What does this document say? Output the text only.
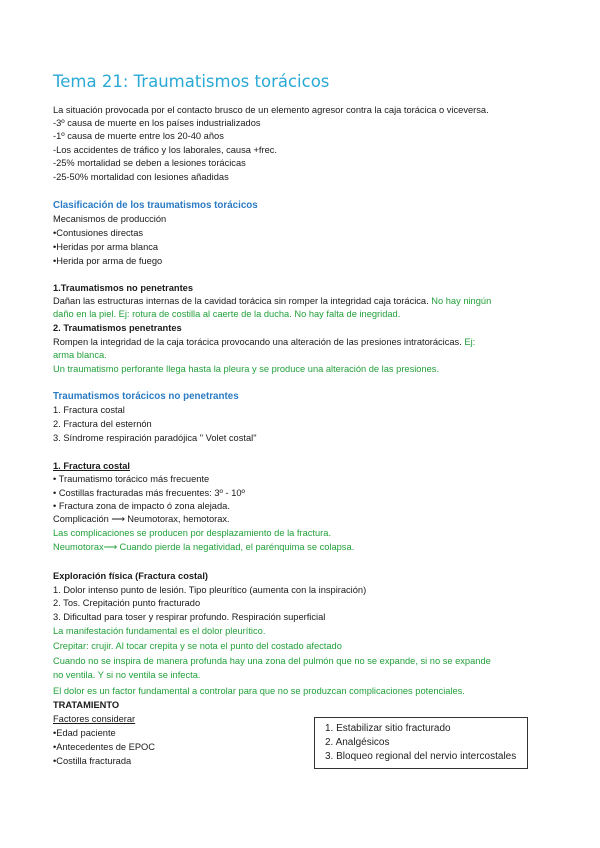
Tema 21: Traumatismos torácicos
La situación provocada por el contacto brusco de un elemento agresor contra la caja torácica o viceversa.
-3º causa de muerte en los países industrializados
-1º causa de muerte entre los 20-40 años
-Los accidentes de tráfico y los laborales, causa +frec.
-25% mortalidad se deben a lesiones torácicas
-25-50% mortalidad con lesiones añadidas
Clasificación de los traumatismos torácicos
Mecanismos de producción
•Contusiones directas
•Heridas por arma blanca
•Herida por arma de fuego
1.Traumatismos no penetrantes
Dañan las estructuras internas de la cavidad torácica sin romper la integridad caja torácica. No hay ningún
daño en la piel. Ej: rotura de costilla al caerte de la ducha. No hay falta de inegridad.
2. Traumatismos penetrantes
Rompen la integridad de la caja torácica provocando una alteración de las presiones intratorácicas. Ej:
arma blanca.
Un traumatismo perforante llega hasta la pleura y se produce una alteración de las presiones.
Traumatismos torácicos no penetrantes
1. Fractura costal
2. Fractura del esternón
3. Síndrome respiración paradójica " Volet costal"
1. Fractura costal
• Traumatismo torácico más frecuente
• Costillas fracturadas más frecuentes: 3º - 10º
• Fractura zona de impacto ó zona alejada.
Complicación ⟶ Neumotorax, hemotorax.
Las complicaciones se producen por desplazamiento de la fractura.
Neumotorax⟶ Cuando pierde la negatividad, el parénquima se colapsa.
Exploración física (Fractura costal)
1. Dolor intenso punto de lesión. Tipo pleurítico (aumenta con la inspiración)
2. Tos. Crepitación punto fracturado
3. Dificultad para toser y respirar profundo. Respiración superficial
La manifestación fundamental es el dolor pleurítico.
Crepitar: crujir. Al tocar crepita y se nota el punto del costado afectado
Cuando no se inspira de manera profunda hay una zona del pulmón que no se expande, si no se expande
no ventila. Y si no ventila se infecta.
El dolor es un factor fundamental a controlar para que no se produzcan complicaciones potenciales.
TRATAMIENTO
Factores considerar
•Edad paciente
•Antecedentes de EPOC
•Costilla fracturada
1. Estabilizar sitio fracturado
2. Analgésicos
3. Bloqueo regional del nervio intercostales
